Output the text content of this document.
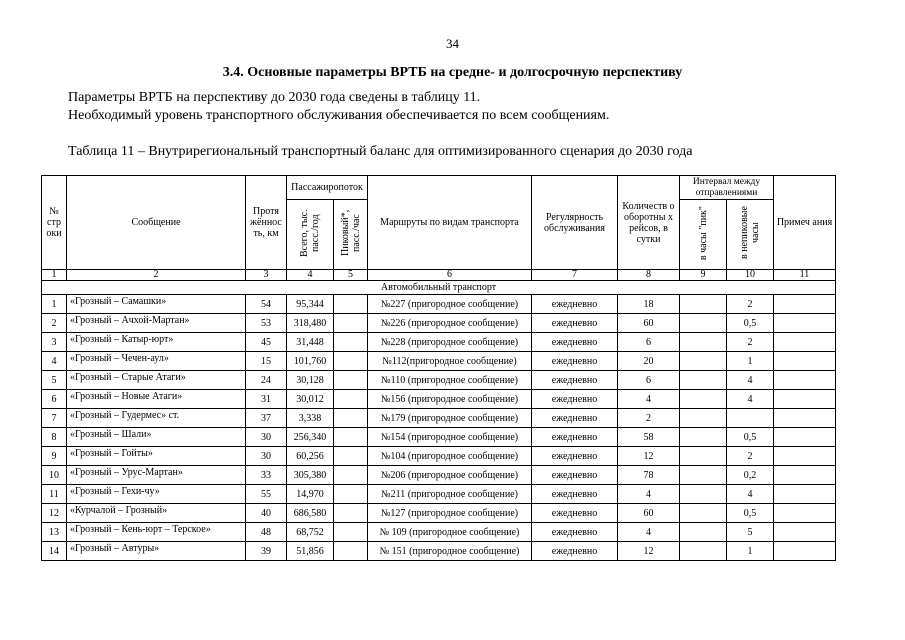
34
3.4. Основные параметры ВРТБ на средне- и долгосрочную перспективу
Параметры ВРТБ на перспективу до 2030 года сведены в таблицу 11.
Необходимый уровень транспортного обслуживания обеспечивается по всем сообщениям.
Таблица 11 – Внутрирегиональный транспортный баланс для оптимизированного сценария до 2030 года
№ стр оки	Сообщение	Протя жённос ть, км	Пассажиропоток		Маршруты по видам транспорта	Регулярность обслуживания	Количеств о оборотны х рейсов, в сутки	Интервал между отправлениями		Примеч ания
			Всего, тыс. пасс./год	Пиковый*, пасс./час				в часы "пик"	в непиковые часы	
1	2	3	4	5	6	7	8	9	10	11
Автомобильный транспорт										
1	«Грозный – Самашки»	54	95,344		№227 (пригородное сообщение)	ежедневно	18		2	
2	«Грозный – Ачхой-Мартан»	53	318,480		№226 (пригородное сообщение)	ежедневно	60		0,5	
3	«Грозный – Катыр-юрт»	45	31,448		№228 (пригородное сообщение)	ежедневно	6		2	
4	«Грозный – Чечен-аул»	15	101,760		№112(пригородное сообщение)	ежедневно	20		1	
5	«Грозный – Старые Атаги»	24	30,128		№110 (пригородное сообщение)	ежедневно	6		4	
6	«Грозный – Новые Атаги»	31	30,012		№156 (пригородное сообщение)	ежедневно	4		4	
7	«Грозный – Гудермес» ст.	37	3,338		№179 (пригородное сообщение)	ежедневно	2			
8	«Грозный – Шали»	30	256,340		№154 (пригородное сообщение)	ежедневно	58		0,5	
9	«Грозный – Гойты»	30	60,256		№104 (пригородное сообщение)	ежедневно	12		2	
10	«Грозный – Урус-Мартан»	33	305,380		№206 (пригородное сообщение)	ежедневно	78		0,2	
11	«Грозный – Гехи-чу»	55	14,970		№211 (пригородное сообщение)	ежедневно	4		4	
12	«Курчалой – Грозный»	40	686,580		№127 (пригородное сообщение)	ежедневно	60		0,5	
13	«Грозный – Кень-юрт – Терское»	48	68,752		№ 109 (пригородное сообщение)	ежедневно	4		5	
14	«Грозный – Автуры»	39	51,856		№ 151 (пригородное сообщение)	ежедневно	12		1	
